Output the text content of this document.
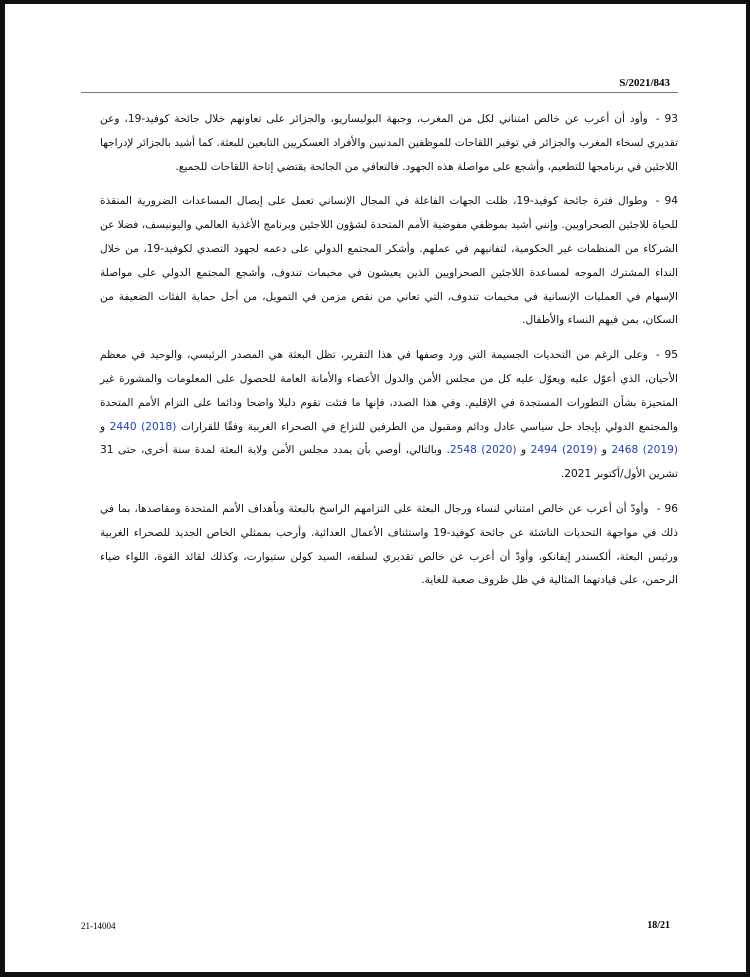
S/2021/843

93 -وأود أن أعرب عن خالص امتناني لكل من المغرب، وجبهة البوليساريو، والجزائر على تعاونهم خلال جائحة كوفيد-19، وعن تقديري لسخاء المغرب والجزائر في توفير اللقاحات للموظفين المدنيين والأفراد العسكريين التابعين للبعثة. كما أشيد بالجزائر لإدراجها اللاجئين في برنامجها للتطعيم، وأشجع على مواصلة هذه الجهود. فالتعافي من الجائحة يقتضي إتاحة اللقاحات للجميع.

94 -وطوال فترة جائحة كوفيد-19، ظلت الجهات الفاعلة في المجال الإنساني تعمل على إيصال المساعدات الضرورية المنقذة للحياة للاجئين الصحراويين. وإنني أشيد بموظفي مفوضية الأمم المتحدة لشؤون اللاجئين وبرنامج الأغذية العالمي واليونيسف، فضلا عن الشركاء من المنظمات غير الحكومية، لتفانيهم في عملهم. وأشكر المجتمع الدولي على دعمه لجهود التصدي لكوفيد-19، من خلال النداء المشترك الموجه لمساعدة اللاجئين الصحراويين الذين يعيشون في مخيمات تندوف، وأشجع المجتمع الدولي على مواصلة الإسهام في العمليات الإنسانية في مخيمات تندوف، التي تعاني من نقص مزمن في التمويل، من أجل حماية الفئات الضعيفة من السكان، بمن فيهم النساء والأطفال.

95 -وعلى الرغم من التحديات الجسيمة التي ورد وصفها في هذا التقرير، تظل البعثة هي المصدر الرئيسي، والوحيد في معظم الأحيان، الذي أعوّل عليه ويعوّل عليه كل من مجلس الأمن والدول الأعضاء والأمانة العامة للحصول على المعلومات والمشورة غير المتحيزة بشأن التطورات المستجدة في الإقليم. وفي هذا الصدد، فإنها ما فتئت تقوم دليلا واضحا ودائما على التزام الأمم المتحدة والمجتمع الدولي بإيجاد حل سياسي عادل ودائم ومقبول من الطرفين للنزاع في الصحراء الغربية وفقًا للقرارات 2440 (2018) و 2468 (2019) و 2494 (2019) و 2548 (2020). وبالتالي، أوصي بأن يمدد مجلس الأمن ولاية البعثة لمدة سنة أخرى، حتى 31 تشرين الأول/أكتوبر 2021.

96 -وأودّ أن أعرب عن خالص امتناني لنساء ورجال البعثة على التزامهم الراسخ بالبعثة وبأهداف الأمم المتحدة ومقاصدها، بما في ذلك في مواجهة التحديات الناشئة عن جائحة كوفيد-19 واستئناف الأعمال العدائية. وأرحب بممثلي الخاص الجديد للصحراء الغربية ورئيس البعثة، ألكسندر إيفانكو، وأودّ أن أعرب عن خالص تقديري لسلفه، السيد كولن ستيوارت، وكذلك لقائد القوة، اللواء ضياء الرحمن، على قيادتهما المثالية في ظل ظروف صعبة للغاية.

21-14004	18/21
